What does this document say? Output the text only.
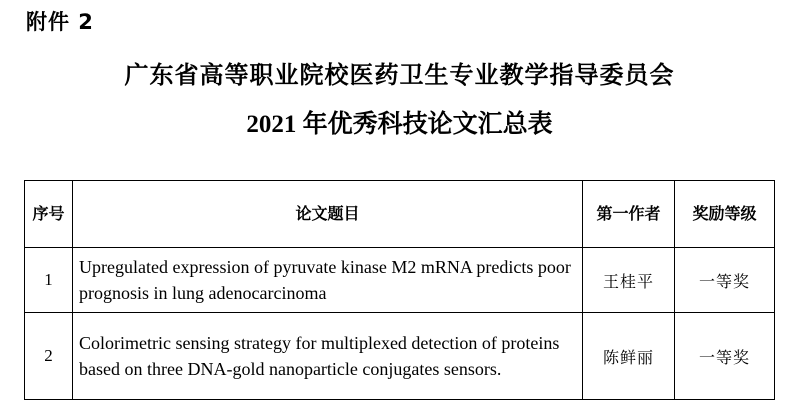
附件 2
广东省高等职业院校医药卫生专业教学指导委员会
2021 年优秀科技论文汇总表
序号	论文题目	第一作者	奖励等级
1	Upregulated expression of pyruvate kinase M2 mRNA predicts poor prognosis in lung adenocarcinoma	王桂平	一等奖
2	Colorimetric sensing strategy for multiplexed detection of proteins based on three DNA-gold nanoparticle conjugates sensors.	陈鲜丽	一等奖
